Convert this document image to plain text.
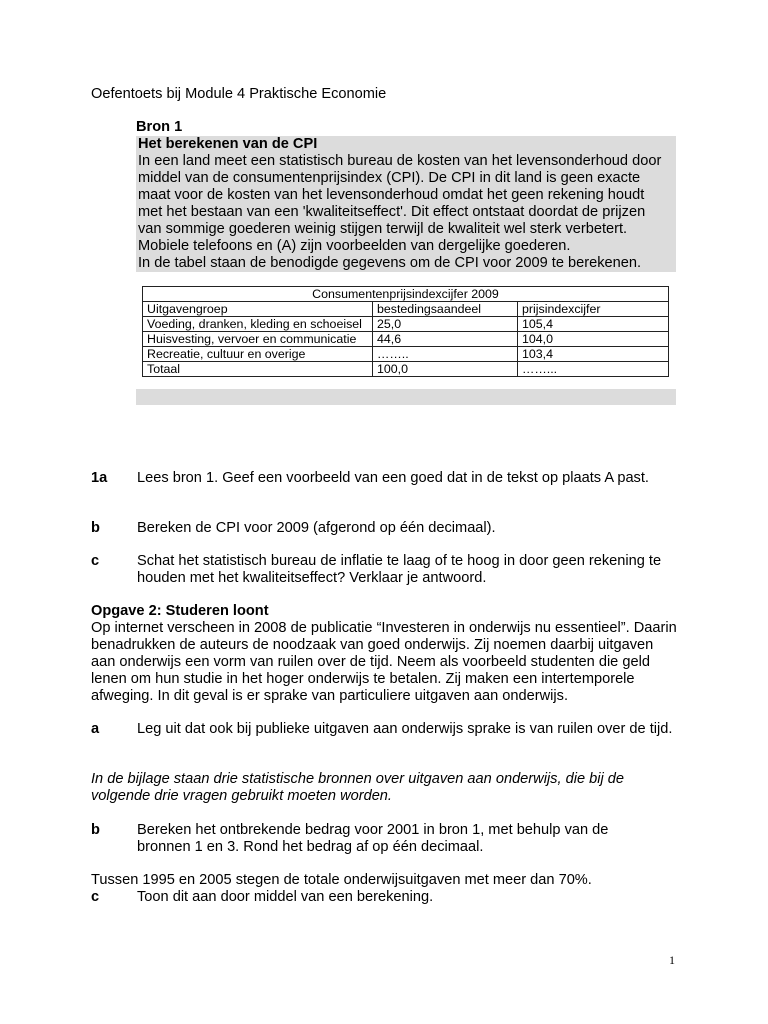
Oefentoets bij Module 4 Praktische Economie
Bron 1
Het berekenen van de CPI
In een land meet een statistisch bureau de kosten van het levensonderhoud door middel van de consumentenprijsindex (CPI). De CPI in dit land is geen exacte maat voor de kosten van het levensonderhoud omdat het geen rekening houdt met het bestaan van een 'kwaliteitseffect'. Dit effect ontstaat doordat de prijzen van sommige goederen weinig stijgen terwijl de kwaliteit wel sterk verbetert. Mobiele telefoons en (A) zijn voorbeelden van dergelijke goederen.
In de tabel staan de benodigde gegevens om de CPI voor 2009 te berekenen.
Consumentenprijsindexcijfer 2009		
Uitgavengroep	bestedingsaandeel	prijsindexcijfer
Voeding, dranken, kleding en schoeisel	25,0	105,4
Huisvesting, vervoer en communicatie	44,6	104,0
Recreatie, cultuur en overige	……..	103,4
Totaal	100,0	……...
1a Lees bron 1. Geef een voorbeeld van een goed dat in de tekst op plaats A past.
b	Bereken de CPI voor 2009 (afgerond op één decimaal).
c	Schat het statistisch bureau de inflatie te laag of te hoog in door geen rekening te houden met het kwaliteitseffect? Verklaar je antwoord.
Opgave 2: Studeren loont
Op internet verscheen in 2008 de publicatie “Investeren in onderwijs nu essentieel”. Daarin benadrukken de auteurs de noodzaak van goed onderwijs. Zij noemen daarbij uitgaven aan onderwijs een vorm van ruilen over de tijd. Neem als voorbeeld studenten die geld lenen om hun studie in het hoger onderwijs te betalen. Zij maken een intertemporele afweging. In dit geval is er sprake van particuliere uitgaven aan onderwijs.
a	Leg uit dat ook bij publieke uitgaven aan onderwijs sprake is van ruilen over de tijd.
In de bijlage staan drie statistische bronnen over uitgaven aan onderwijs, die bij de volgende drie vragen gebruikt moeten worden.
b	Bereken het ontbrekende bedrag voor 2001 in bron 1, met behulp van de bronnen 1 en 3. Rond het bedrag af op één decimaal.
Tussen 1995 en 2005 stegen de totale onderwijsuitgaven met meer dan 70%.
c	Toon dit aan door middel van een berekening.
1
